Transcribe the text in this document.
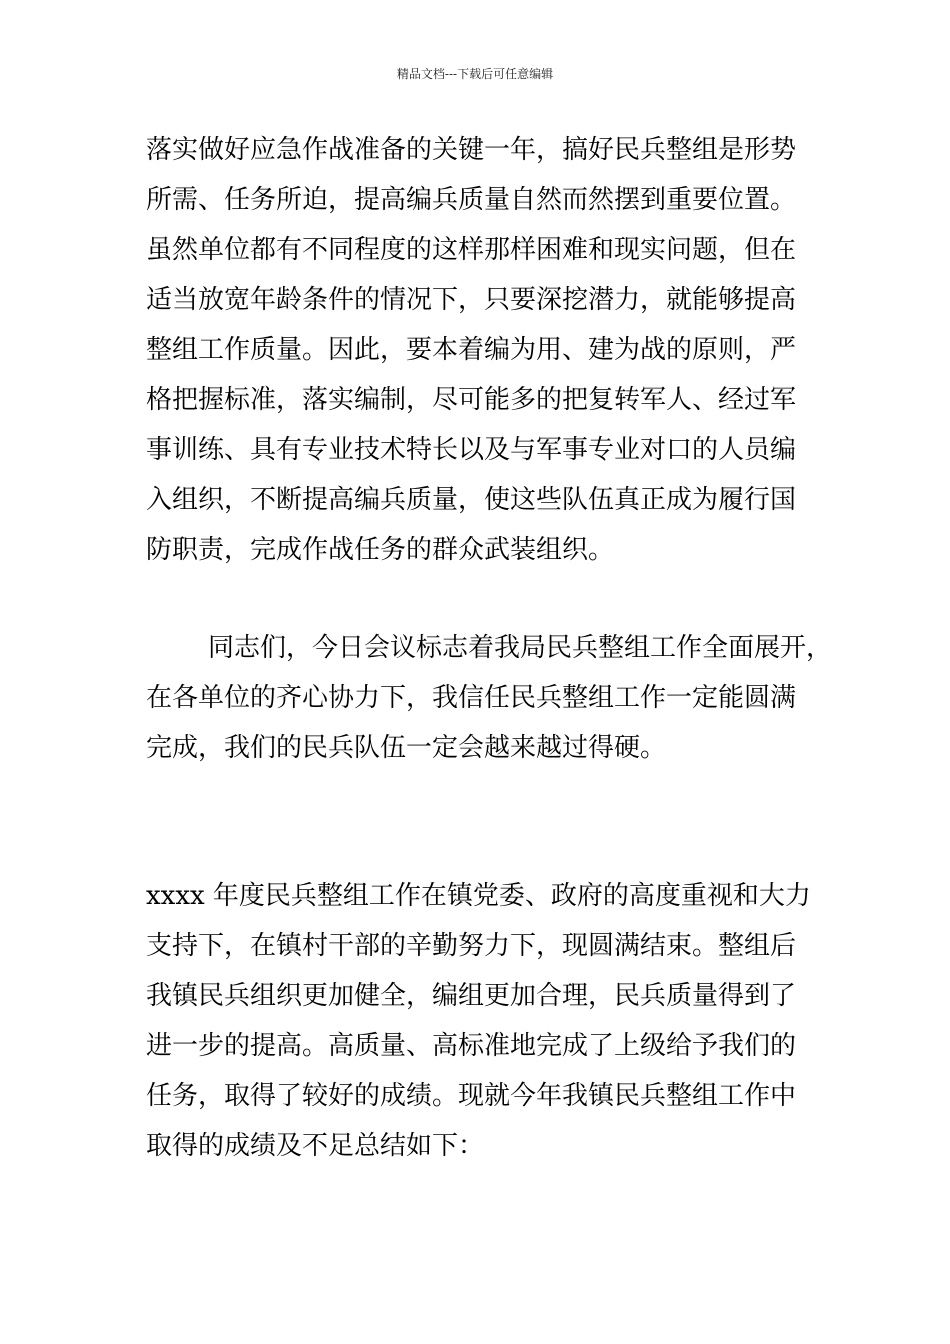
精品文档---下载后可任意编辑
落实做好应急作战准备的关键一年，搞好民兵整组是形势
所需、任务所迫，提高编兵质量自然而然摆到重要位置。
虽然单位都有不同程度的这样那样困难和现实问题，但在
适当放宽年龄条件的情况下，只要深挖潜力，就能够提高
整组工作质量。因此，要本着编为用、建为战的原则，严
格把握标准，落实编制，尽可能多的把复转军人、经过军
事训练、具有专业技术特长以及与军事专业对口的人员编
入组织，不断提高编兵质量，使这些队伍真正成为履行国
防职责，完成作战任务的群众武装组织。
同志们，今日会议标志着我局民兵整组工作全面展开，
在各单位的齐心协力下，我信任民兵整组工作一定能圆满
完成，我们的民兵队伍一定会越来越过得硬。
xxxx 年度民兵整组工作在镇党委、政府的高度重视和大力
支持下，在镇村干部的辛勤努力下，现圆满结束。整组后
我镇民兵组织更加健全，编组更加合理，民兵质量得到了
进一步的提高。高质量、高标准地完成了上级给予我们的
任务，取得了较好的成绩。现就今年我镇民兵整组工作中
取得的成绩及不足总结如下：
